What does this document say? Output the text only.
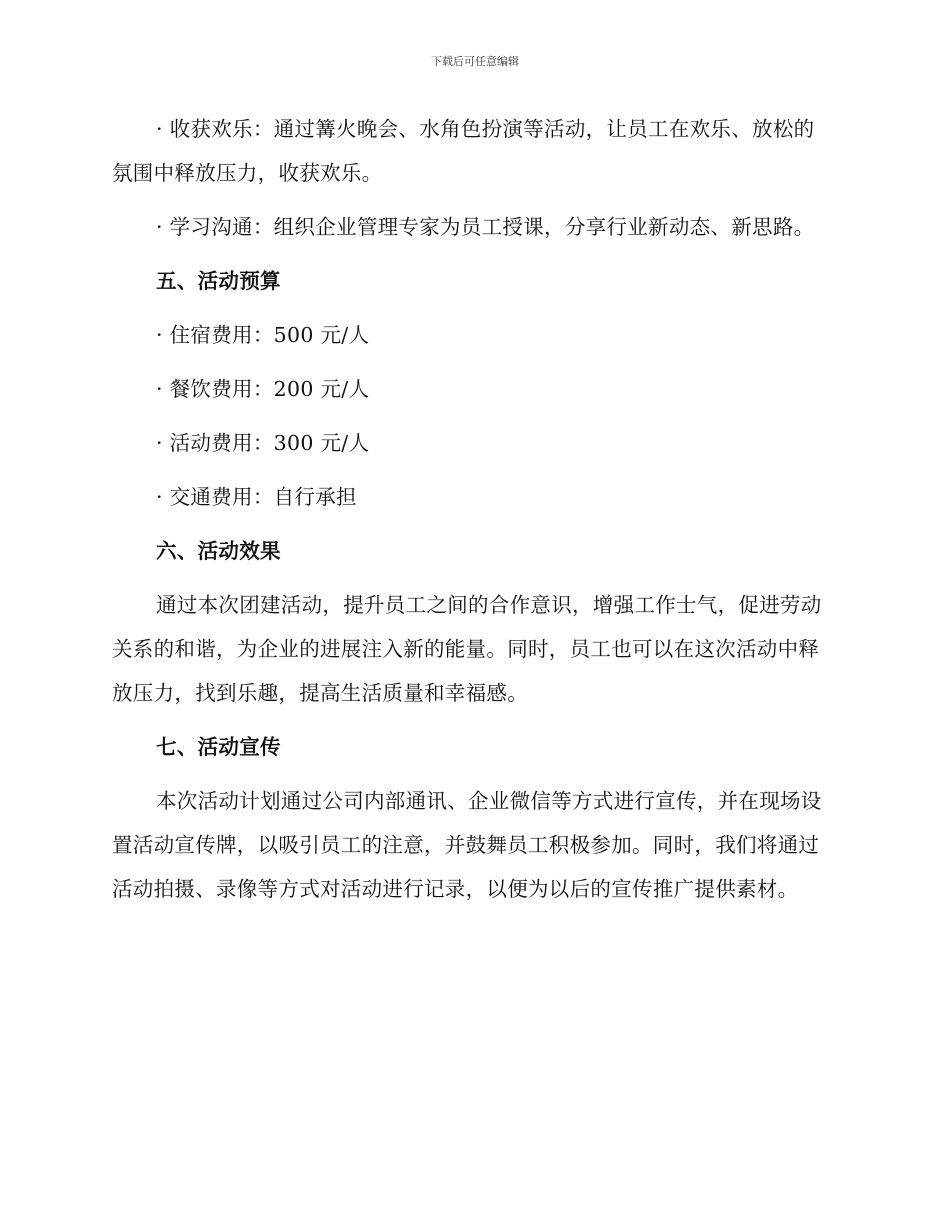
下载后可任意编辑

· 收获欢乐：通过篝火晚会、水角色扮演等活动，让员工在欢乐、放松的氛围中释放压力，收获欢乐。

· 学习沟通：组织企业管理专家为员工授课，分享行业新动态、新思路。

五、活动预算

· 住宿费用：500 元/人

· 餐饮费用：200 元/人

· 活动费用：300 元/人

· 交通费用：自行承担

六、活动效果

通过本次团建活动，提升员工之间的合作意识，增强工作士气，促进劳动关系的和谐，为企业的进展注入新的能量。同时，员工也可以在这次活动中释放压力，找到乐趣，提高生活质量和幸福感。

七、活动宣传

本次活动计划通过公司内部通讯、企业微信等方式进行宣传，并在现场设置活动宣传牌，以吸引员工的注意，并鼓舞员工积极参加。同时，我们将通过活动拍摄、录像等方式对活动进行记录，以便为以后的宣传推广提供素材。
